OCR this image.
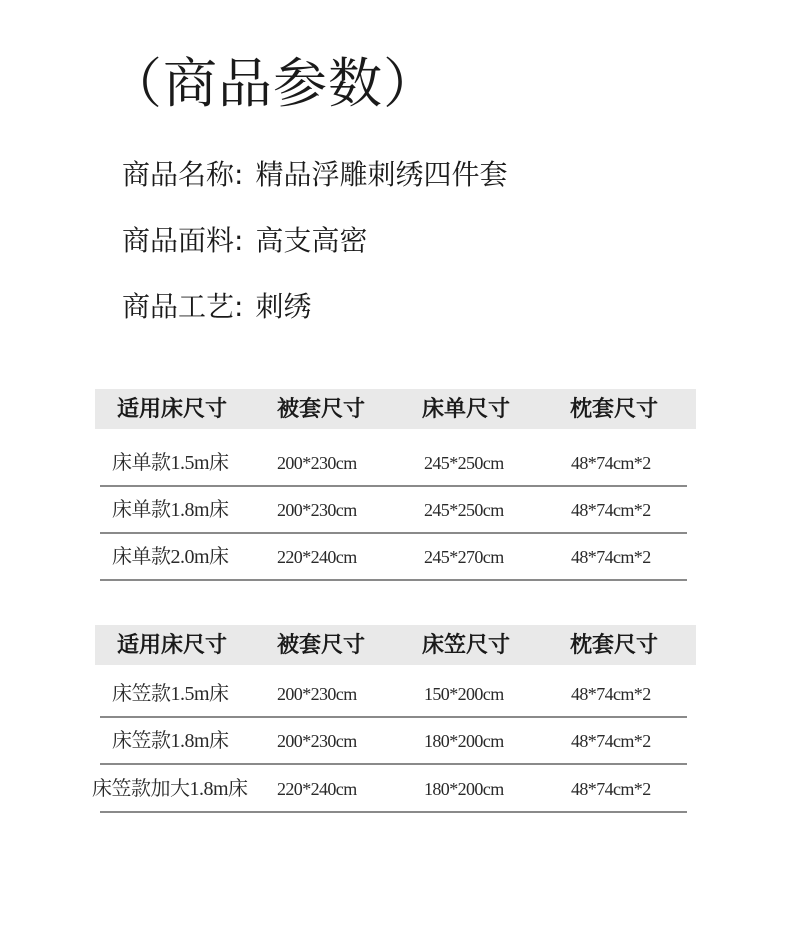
（商品参数）
商品名称: 精品浮雕刺绣四件套
商品面料: 高支高密
商品工艺: 刺绣
适用床尺寸 被套尺寸	床单尺寸	枕套尺寸
床单款1.5m床	200*230cm	245*250cm	48*74cm*2
床单款1.8m床	200*230cm	245*250cm	48*74cm*2
床单款2.0m床	220*240cm	245*270cm	48*74cm*2
适用床尺寸 被套尺寸	床笠尺寸	枕套尺寸
床笠款1.5m床	200*230cm	150*200cm	48*74cm*2
床笠款1.8m床	200*230cm	180*200cm	48*74cm*2
床笠款加大1.8m床 220*240cm	180*200cm	48*74cm*2
